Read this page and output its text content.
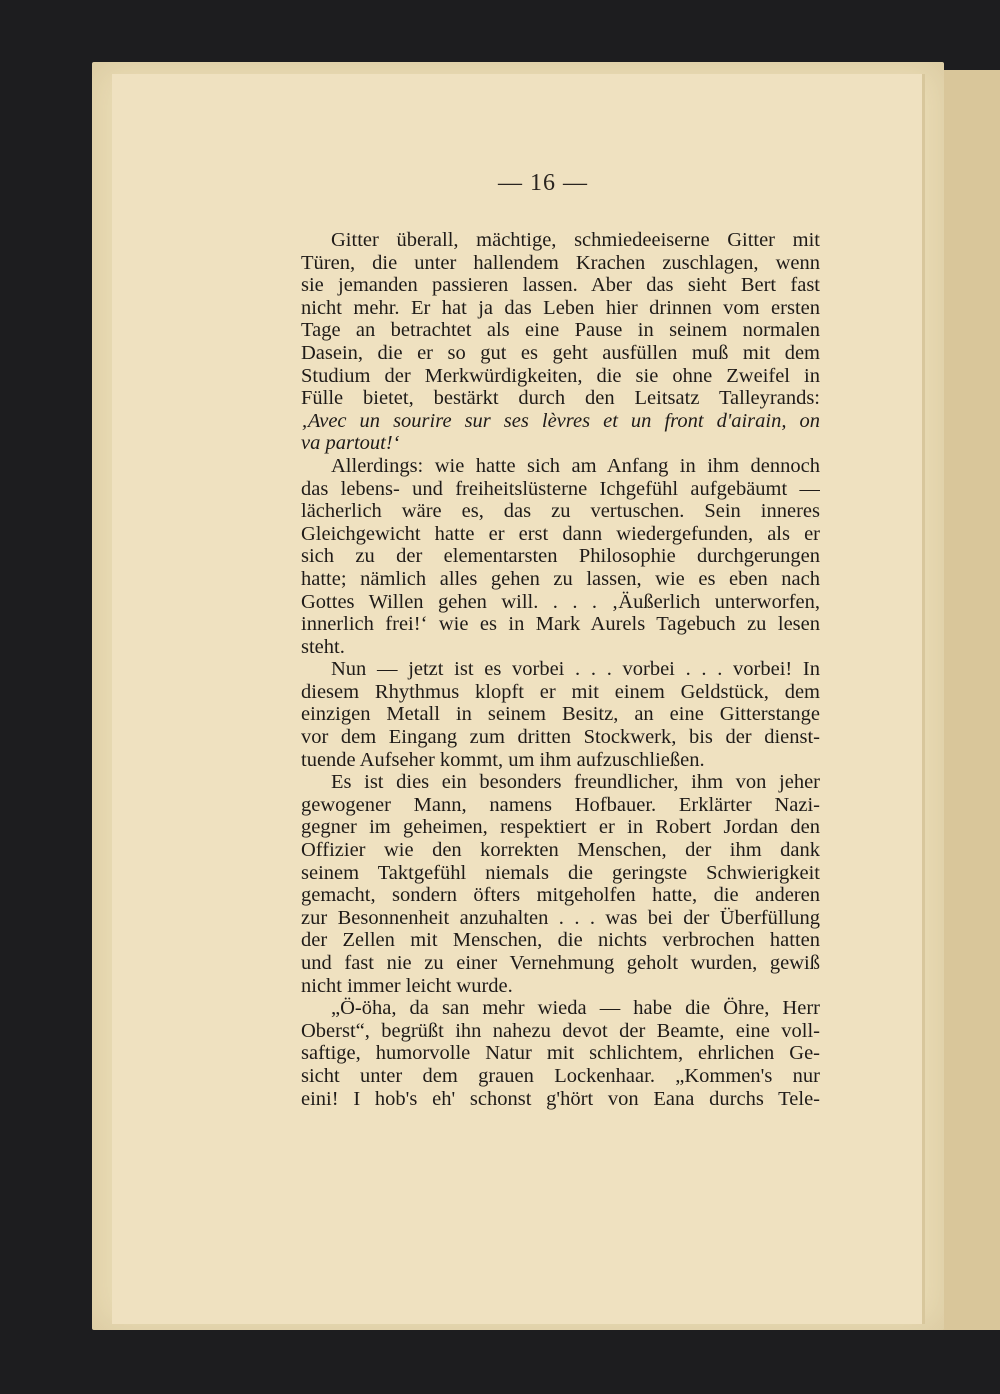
— 16 —
Gitter überall, mächtige, schmiedeeiserne Gitter mit
Türen, die unter hallendem Krachen zuschlagen, wenn
sie jemanden passieren lassen. Aber das sieht Bert fast
nicht mehr. Er hat ja das Leben hier drinnen vom ersten
Tage an betrachtet als eine Pause in seinem normalen
Dasein, die er so gut es geht ausfüllen muß mit dem
Studium der Merkwürdigkeiten, die sie ohne Zweifel in
Fülle bietet, bestärkt durch den Leitsatz Talleyrands:
‚Avec un sourire sur ses lèvres et un front d'airain, on
va partout!‘
Allerdings: wie hatte sich am Anfang in ihm dennoch
das lebens- und freiheitslüsterne Ichgefühl aufgebäumt —
lächerlich wäre es, das zu vertuschen. Sein inneres
Gleichgewicht hatte er erst dann wiedergefunden, als er
sich zu der elementarsten Philosophie durchgerungen
hatte; nämlich alles gehen zu lassen, wie es eben nach
Gottes Willen gehen will. . . . ‚Äußerlich unterworfen,
innerlich frei!‘ wie es in Mark Aurels Tagebuch zu lesen
steht.
Nun — jetzt ist es vorbei . . . vorbei . . . vorbei! In
diesem Rhythmus klopft er mit einem Geldstück, dem
einzigen Metall in seinem Besitz, an eine Gitterstange
vor dem Eingang zum dritten Stockwerk, bis der dienst-
tuende Aufseher kommt, um ihm aufzuschließen.
Es ist dies ein besonders freundlicher, ihm von jeher
gewogener Mann, namens Hofbauer. Erklärter Nazi-
gegner im geheimen, respektiert er in Robert Jordan den
Offizier wie den korrekten Menschen, der ihm dank
seinem Taktgefühl niemals die geringste Schwierigkeit
gemacht, sondern öfters mitgeholfen hatte, die anderen
zur Besonnenheit anzuhalten . . . was bei der Überfüllung
der Zellen mit Menschen, die nichts verbrochen hatten
und fast nie zu einer Vernehmung geholt wurden, gewiß
nicht immer leicht wurde.
„Ö-öha, da san mehr wieda — habe die Öhre, Herr
Oberst“, begrüßt ihn nahezu devot der Beamte, eine voll-
saftige, humorvolle Natur mit schlichtem, ehrlichen Ge-
sicht unter dem grauen Lockenhaar. „Kommen's nur
eini! I hob's eh' schonst g'hört von Eana durchs Tele-
